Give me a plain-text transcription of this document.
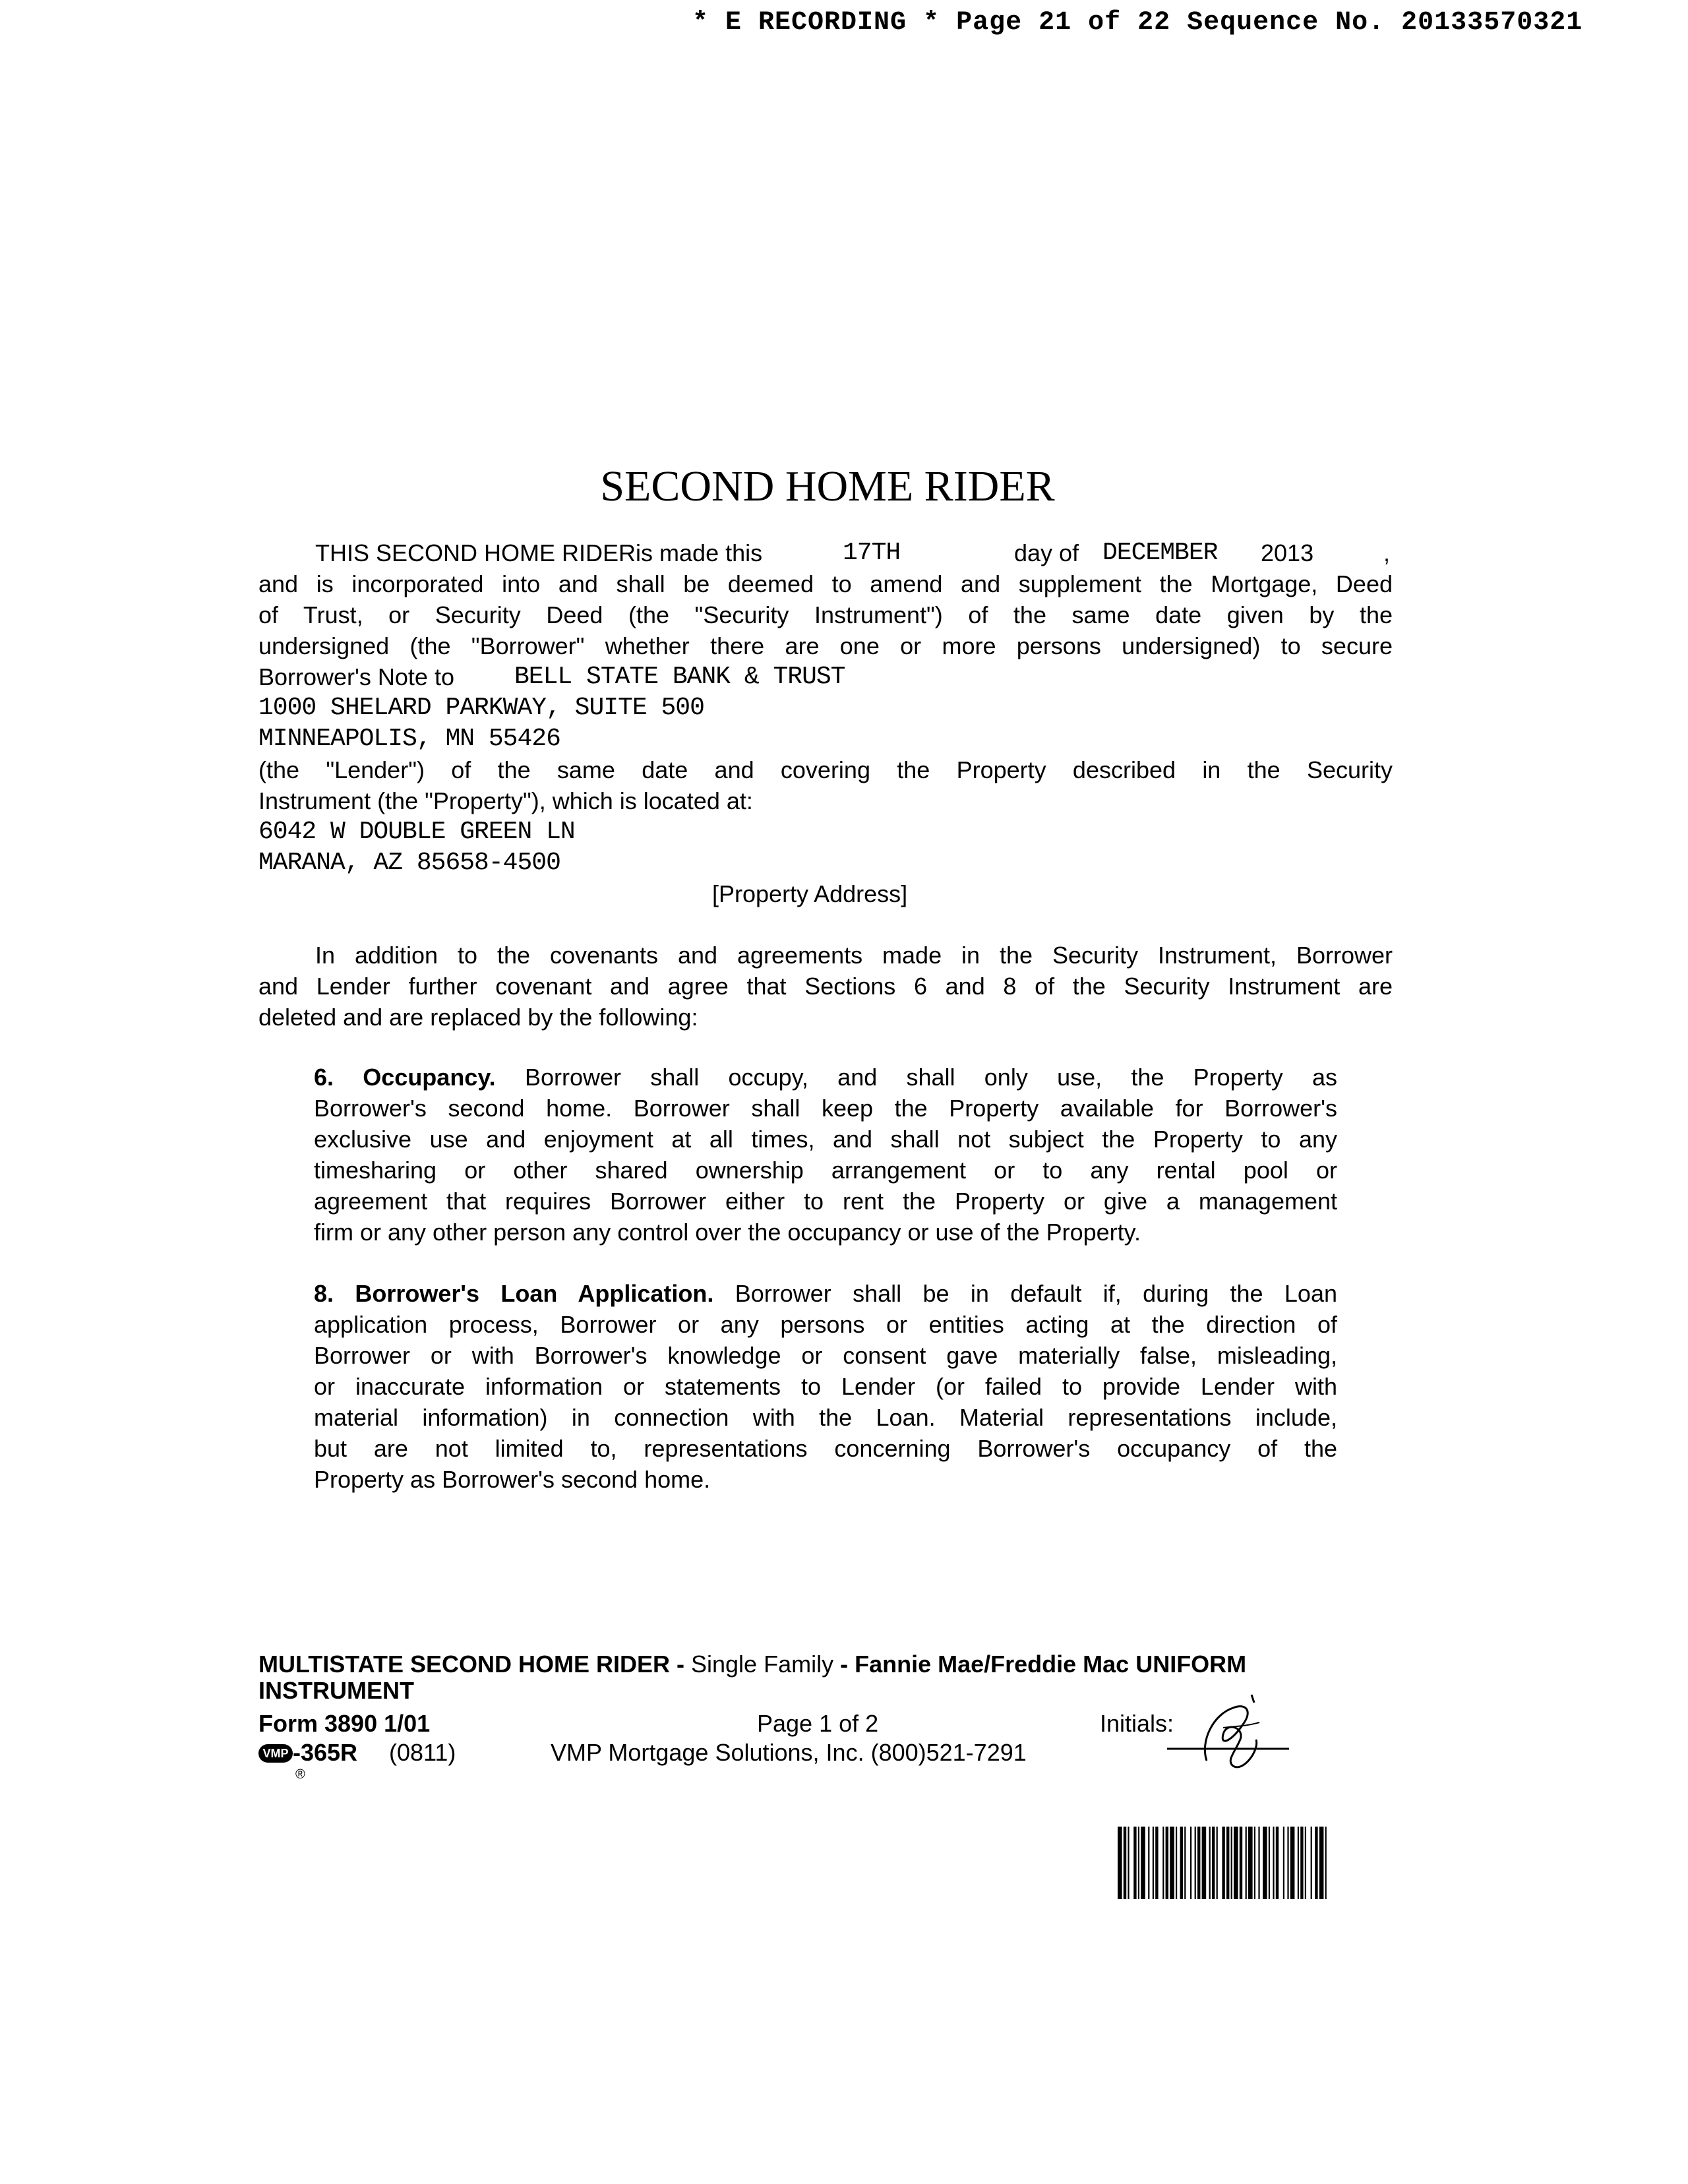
* E RECORDING * Page 21 of 22 Sequence No. 20133570321
SECOND HOME RIDER
THIS SECOND HOME RIDERis made this	17TH	day of DECEMBER 2013	,
and is incorporated into and shall be deemed to amend and supplement the Mortgage, Deed
of Trust, or Security Deed (the "Security Instrument") of the same date given by the
undersigned (the "Borrower" whether there are one or more persons undersigned) to secure
Borrower's Note to BELL STATE BANK & TRUST
1000 SHELARD PARKWAY, SUITE 500
MINNEAPOLIS, MN 55426
(the "Lender") of the same date and covering the Property described in the Security
Instrument (the "Property"), which is located at:
6042 W DOUBLE GREEN LN
MARANA, AZ 85658-4500
[Property Address]
In addition to the covenants and agreements made in the Security Instrument, Borrower
and Lender further covenant and agree that Sections 6 and 8 of the Security Instrument are
deleted and are replaced by the following:
6. Occupancy. Borrower shall occupy, and shall only use, the Property as
Borrower's second home. Borrower shall keep the Property available for Borrower's
exclusive use and enjoyment at all times, and shall not subject the Property to any
timesharing or other shared ownership arrangement or to any rental pool or
agreement that requires Borrower either to rent the Property or give a management
firm or any other person any control over the occupancy or use of the Property.
8. Borrower's Loan Application. Borrower shall be in default if, during the Loan
application process, Borrower or any persons or entities acting at the direction of
Borrower or with Borrower's knowledge or consent gave materially false, misleading,
or inaccurate information or statements to Lender (or failed to provide Lender with
material information) in connection with the Loan. Material representations include,
but are not limited to, representations concerning Borrower's occupancy of the
Property as Borrower's second home.
MULTISTATE SECOND HOME RIDER - Single Family - Fannie Mae/Freddie Mac UNIFORM
INSTRUMENT
Form 3890 1/01	Page 1 of 2	Initials:
VMP -365R (0811)
®
VMP Mortgage Solutions, Inc. (800)521-7291
